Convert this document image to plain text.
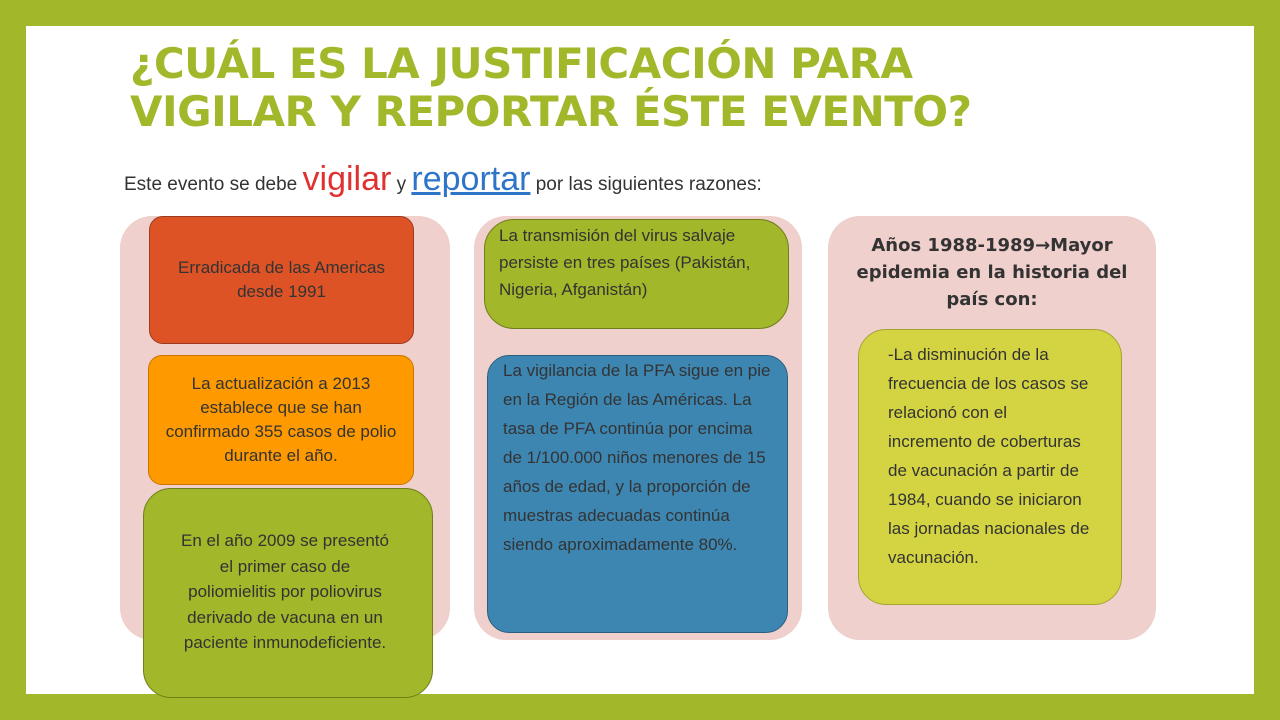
¿CUÁL ES LA JUSTIFICACIÓN PARA
VIGILAR Y REPORTAR ÉSTE EVENTO?
Este evento se debe vigilar y reportar por las siguientes razones:
Erradicada de las Americas desde 1991
La actualización a 2013 establece que se han confirmado 355 casos de polio durante el año.
En el año 2009 se presentó el primer caso de poliomielitis por poliovirus derivado de vacuna en un paciente inmunodeficiente.
La transmisión del virus salvaje persiste en tres países (Pakistán, Nigeria, Afganistán)
La vigilancia de la PFA sigue en pie en la Región de las Américas. La tasa de PFA continúa por encima de 1/100.000 niños menores de 15 años de edad, y la proporción de muestras adecuadas continúa siendo aproximadamente 80%.
Años 1988-1989→Mayor epidemia en la historia del país con:
-La disminución de la frecuencia de los casos se relacionó con el incremento de coberturas de vacunación a partir de 1984, cuando se iniciaron las jornadas nacionales de vacunación.
